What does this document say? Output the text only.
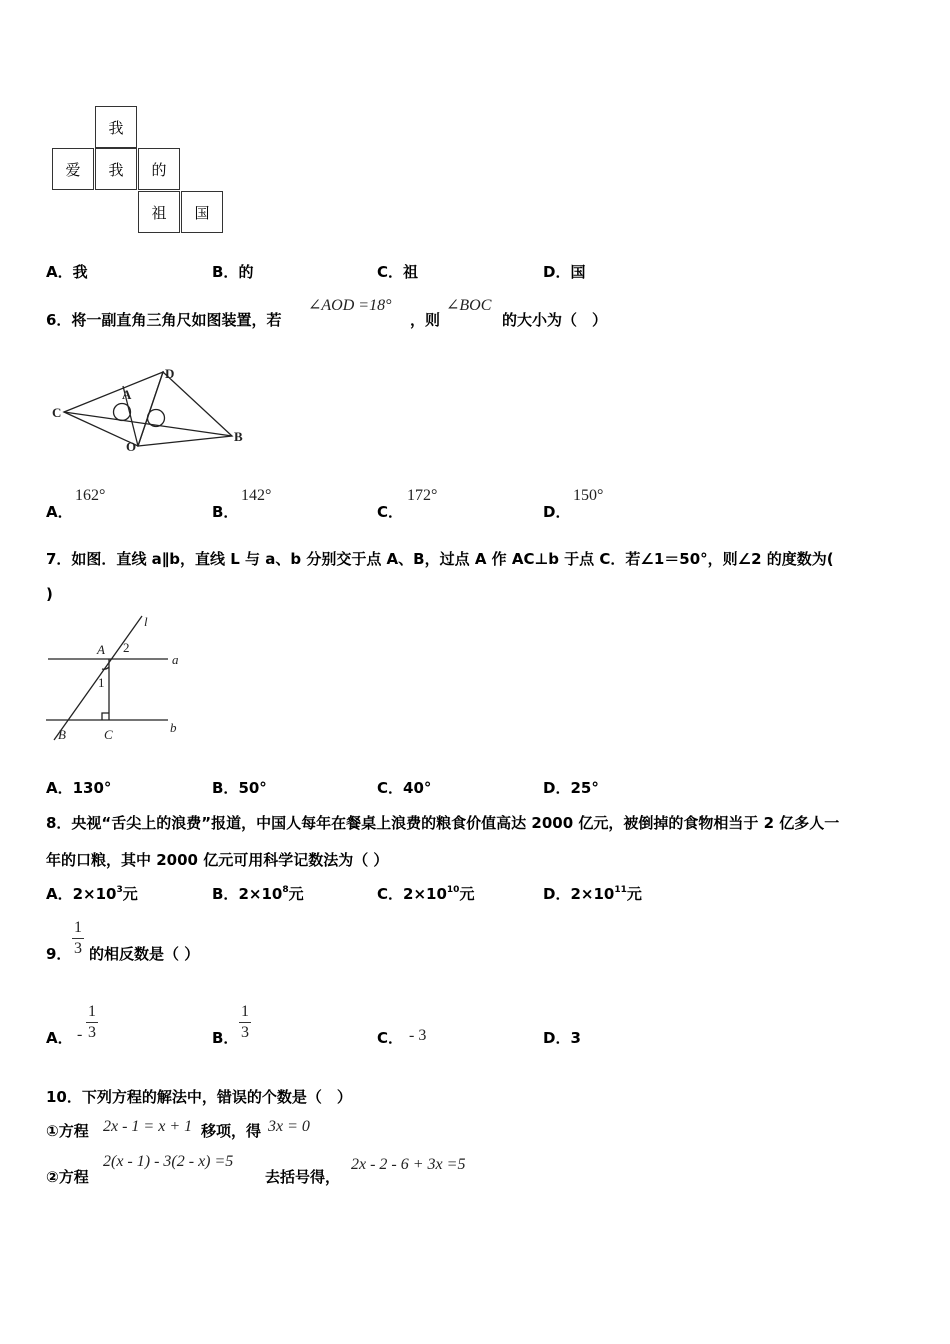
我
爱	我	的
祖	国
A．我	B．的	C．祖	D．国
6．将一副直角三角尺如图装置，若
∠AOD =18°
，则
∠BOC
的大小为（　）
C
A
D
O
B
A．
162°
B．
142°
C．
172°
D．
150°
7．如图．直线 a∥b，直线 L 与 a、b 分别交于点 A、B，过点 A 作 AC⊥b 于点 C．若∠1＝50°，则∠2 的度数为(
)
l
A 2
a
1
B	C	b
A．130°	B．50°	C．40°	D．25°
8．央视“舌尖上的浪费”报道，中国人每年在餐桌上浪费的粮食价值高达 2000 亿元，被倒掉的食物相当于 2 亿多人一
年的口粮，其中 2000 亿元可用科学记数法为（ ）
A．$2\times 10^3$元	B．$2\times 10^8$元	C．$2\times 10^{10}$元	D．$2\times 10^{11}$元
9． $\frac{1}{3}$ 的相反数是（ ）
A． - $\frac{1}{3}$	B． $\frac{1}{3}$	C． - 3	D．3
10．下列方程的解法中，错误的个数是（　）
①方程 2x - 1 = x + 1 移项，得 3x = 0
②方程
2(x - 1) - 3(2 - x) =5
去括号得，
2x - 2 - 6 + 3x =5
